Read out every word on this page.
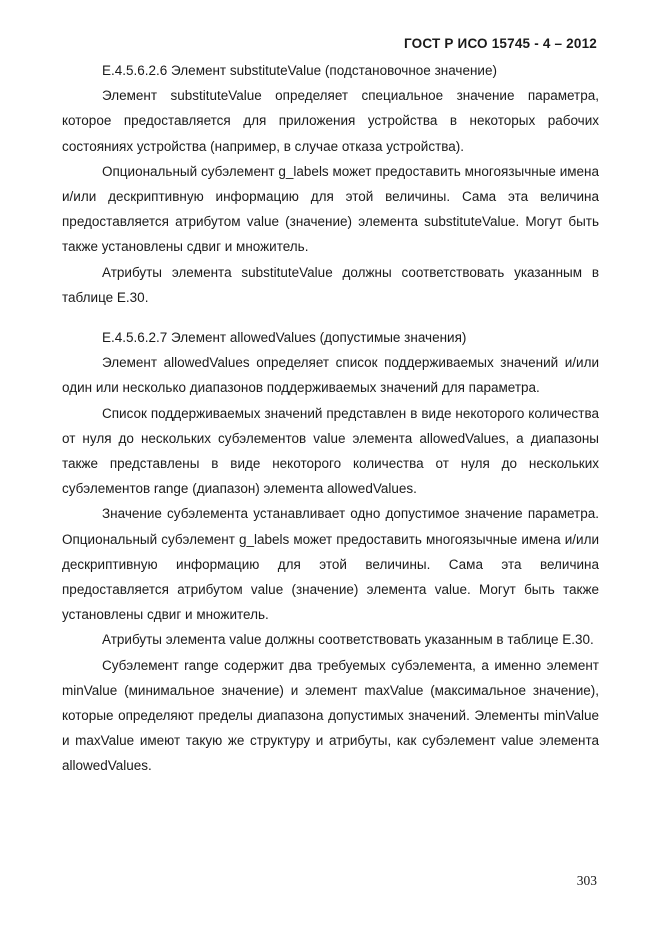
ГОСТ Р ИСО 15745 - 4 – 2012

E.4.5.6.2.6 Элемент substituteValue (подстановочное значение)

Элемент substituteValue определяет специальное значение параметра, которое предоставляется для приложения устройства в некоторых рабочих состояниях устройства (например, в случае отказа устройства).

Опциональный субэлемент g_labels может предоставить многоязычные имена и/или дескриптивную информацию для этой величины. Сама эта величина предоставляется атрибутом value (значение) элемента substituteValue. Могут быть также установлены сдвиг и множитель.

Атрибуты элемента substituteValue должны соответствовать указанным в таблице E.30.

E.4.5.6.2.7 Элемент allowedValues (допустимые значения)

Элемент allowedValues определяет список поддерживаемых значений и/или один или несколько диапазонов поддерживаемых значений для параметра.

Список поддерживаемых значений представлен в виде некоторого количества от нуля до нескольких субэлементов value элемента allowedValues, а диапазоны также представлены в виде некоторого количества от нуля до нескольких субэлементов range (диапазон) элемента allowedValues.

Значение субэлемента устанавливает одно допустимое значение параметра. Опциональный субэлемент g_labels может предоставить многоязычные имена и/или дескриптивную информацию для этой величины. Сама эта величина предоставляется атрибутом value (значение) элемента value. Могут быть также установлены сдвиг и множитель.

Атрибуты элемента value должны соответствовать указанным в таблице E.30.

Субэлемент range содержит два требуемых субэлемента, а именно элемент minValue (минимальное значение) и элемент maxValue (максимальное значение), которые определяют пределы диапазона допустимых значений. Элементы minValue и maxValue имеют такую же структуру и атрибуты, как субэлемент value элемента allowedValues.

303
